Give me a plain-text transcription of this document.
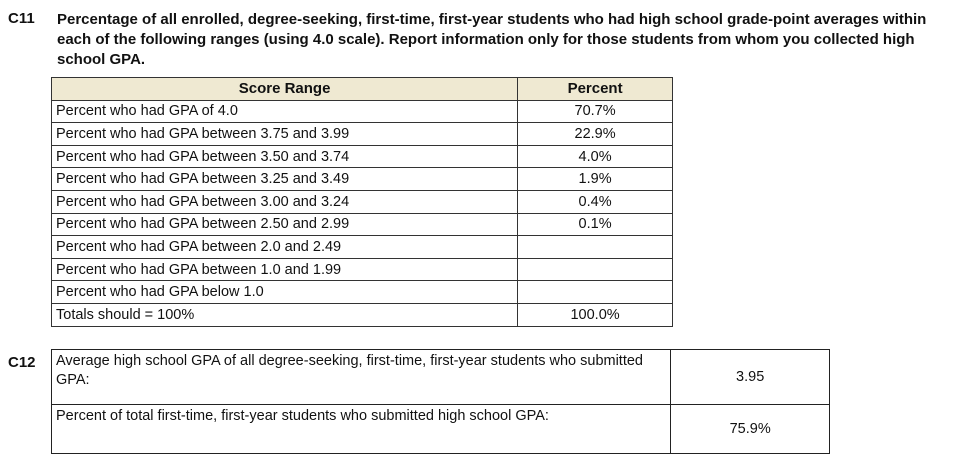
C11 Percentage of all enrolled, degree-seeking, first-time, first-year students who had high school grade-point averages within each of the following ranges (using 4.0 scale). Report information only for those students from whom you collected high school GPA.
Score Range	Percent
Percent who had GPA of 4.0	70.7%
Percent who had GPA between 3.75 and 3.99	22.9%
Percent who had GPA between 3.50 and 3.74	4.0%
Percent who had GPA between 3.25 and 3.49	1.9%
Percent who had GPA between 3.00 and 3.24	0.4%
Percent who had GPA between 2.50 and 2.99	0.1%
Percent who had GPA between 2.0 and 2.49	
Percent who had GPA between 1.0 and 1.99	
Percent who had GPA below 1.0	
Totals should = 100%	100.0%
C12 Average high school GPA of all degree-seeking, first-time, first-year students who submitted GPA:	3.95
Percent of total first-time, first-year students who submitted high school GPA:	75.9%
